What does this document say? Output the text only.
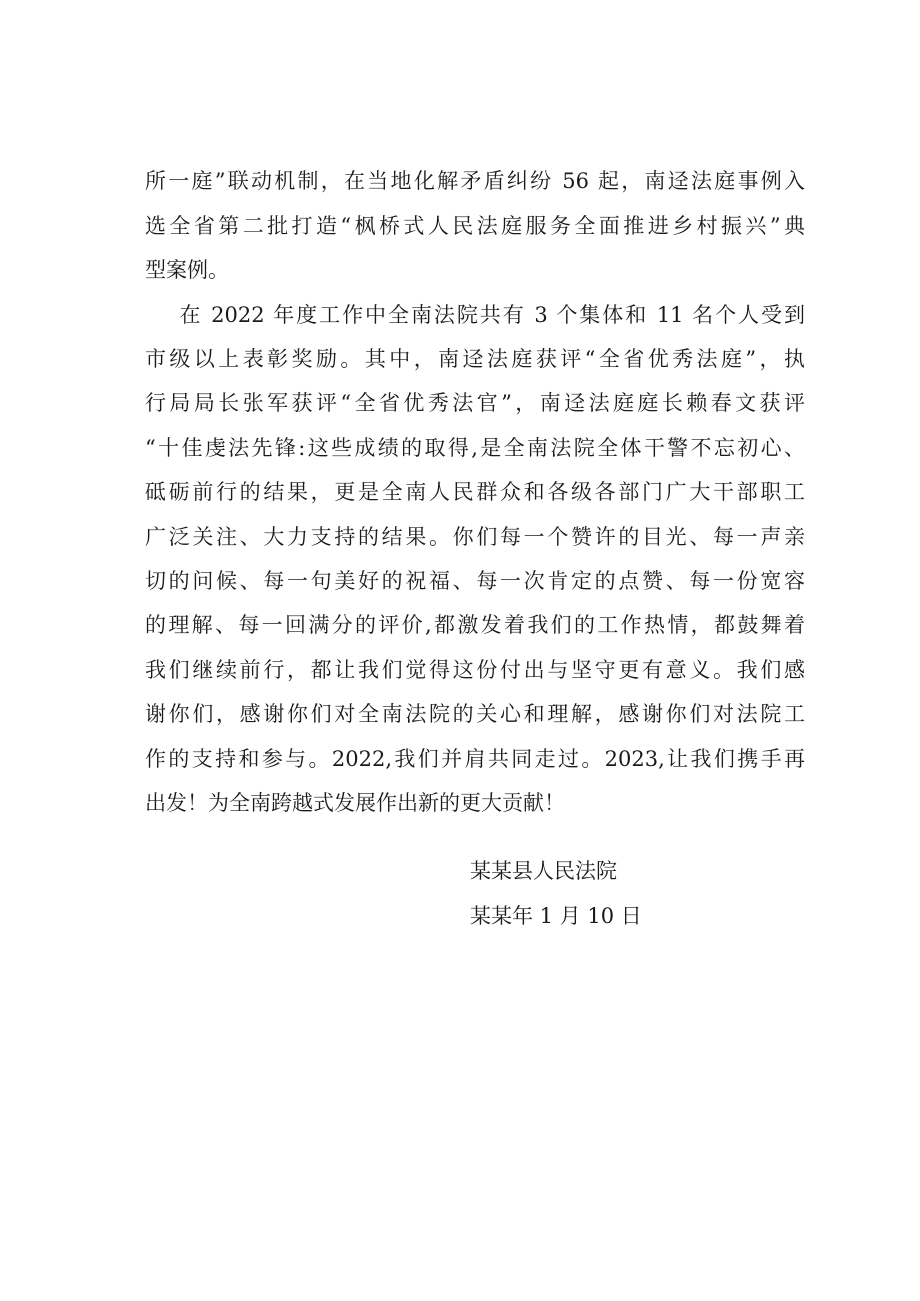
所一庭”联动机制，在当地化解矛盾纠纷 56 起，南迳法庭事例入
选全省第二批打造“枫桥式人民法庭服务全面推进乡村振兴”典
型案例。
在 2022 年度工作中全南法院共有 3 个集体和 11 名个人受到
市级以上表彰奖励。其中，南迳法庭获评“全省优秀法庭”，执
行局局长张军获评“全省优秀法官”，南迳法庭庭长赖春文获评
“十佳虔法先锋:这些成绩的取得,是全南法院全体干警不忘初心、
砥砺前行的结果，更是全南人民群众和各级各部门广大干部职工
广泛关注、大力支持的结果。你们每一个赞许的目光、每一声亲
切的问候、每一句美好的祝福、每一次肯定的点赞、每一份宽容
的理解、每一回满分的评价,都激发着我们的工作热情，都鼓舞着
我们继续前行，都让我们觉得这份付出与坚守更有意义。我们感
谢你们，感谢你们对全南法院的关心和理解，感谢你们对法院工
作的支持和参与。2022,我们并肩共同走过。2023,让我们携手再
出发！为全南跨越式发展作出新的更大贡献！
某某县人民法院
某某年 1 月 10 日
